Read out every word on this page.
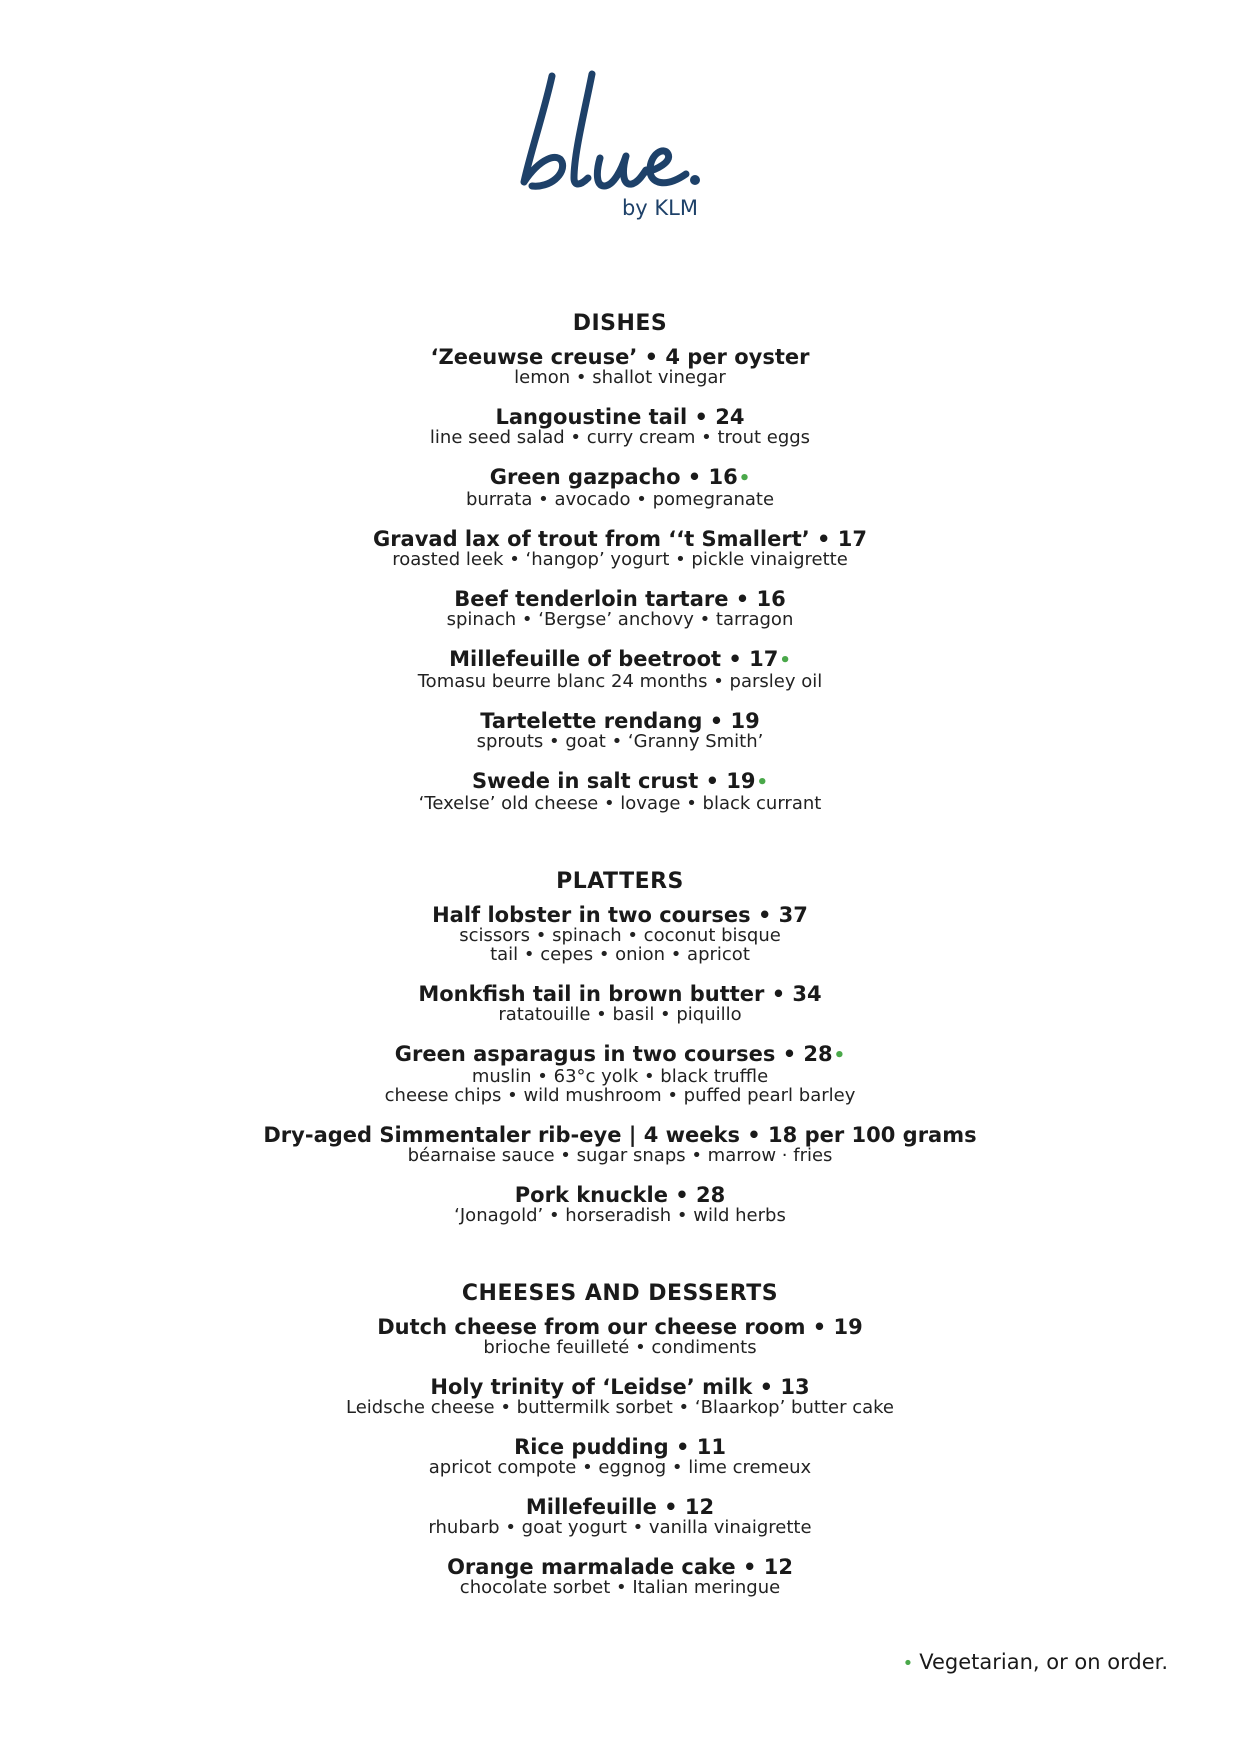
by KLM
DISHES
‘Zeeuwse creuse’ • 4 per oyster
lemon • shallot vinegar
Langoustine tail • 24
line seed salad • curry cream • trout eggs
Green gazpacho • 16•
burrata • avocado • pomegranate
Gravad lax of trout from ‘‘t Smallert’ • 17
roasted leek • ‘hangop’ yogurt • pickle vinaigrette
Beef tenderloin tartare • 16
spinach • ‘Bergse’ anchovy • tarragon
Millefeuille of beetroot • 17•
Tomasu beurre blanc 24 months • parsley oil
Tartelette rendang • 19
sprouts • goat • ‘Granny Smith’
Swede in salt crust • 19•
‘Texelse’ old cheese • lovage • black currant
PLATTERS
Half lobster in two courses • 37
scissors • spinach • coconut bisque
tail • cepes • onion • apricot
Monkfish tail in brown butter • 34
ratatouille • basil • piquillo
Green asparagus in two courses • 28•
muslin • 63°c yolk • black truffle
cheese chips • wild mushroom • puffed pearl barley
Dry-aged Simmentaler rib-eye | 4 weeks • 18 per 100 grams
béarnaise sauce • sugar snaps • marrow · fries
Pork knuckle • 28
‘Jonagold’ • horseradish • wild herbs
CHEESES AND DESSERTS
Dutch cheese from our cheese room • 19
brioche feuilleté • condiments
Holy trinity of ‘Leidse’ milk • 13
Leidsche cheese • buttermilk sorbet • ‘Blaarkop’ butter cake
Rice pudding • 11
apricot compote • eggnog • lime cremeux
Millefeuille • 12
rhubarb • goat yogurt • vanilla vinaigrette
Orange marmalade cake • 12
chocolate sorbet • Italian meringue
• Vegetarian, or on order.
